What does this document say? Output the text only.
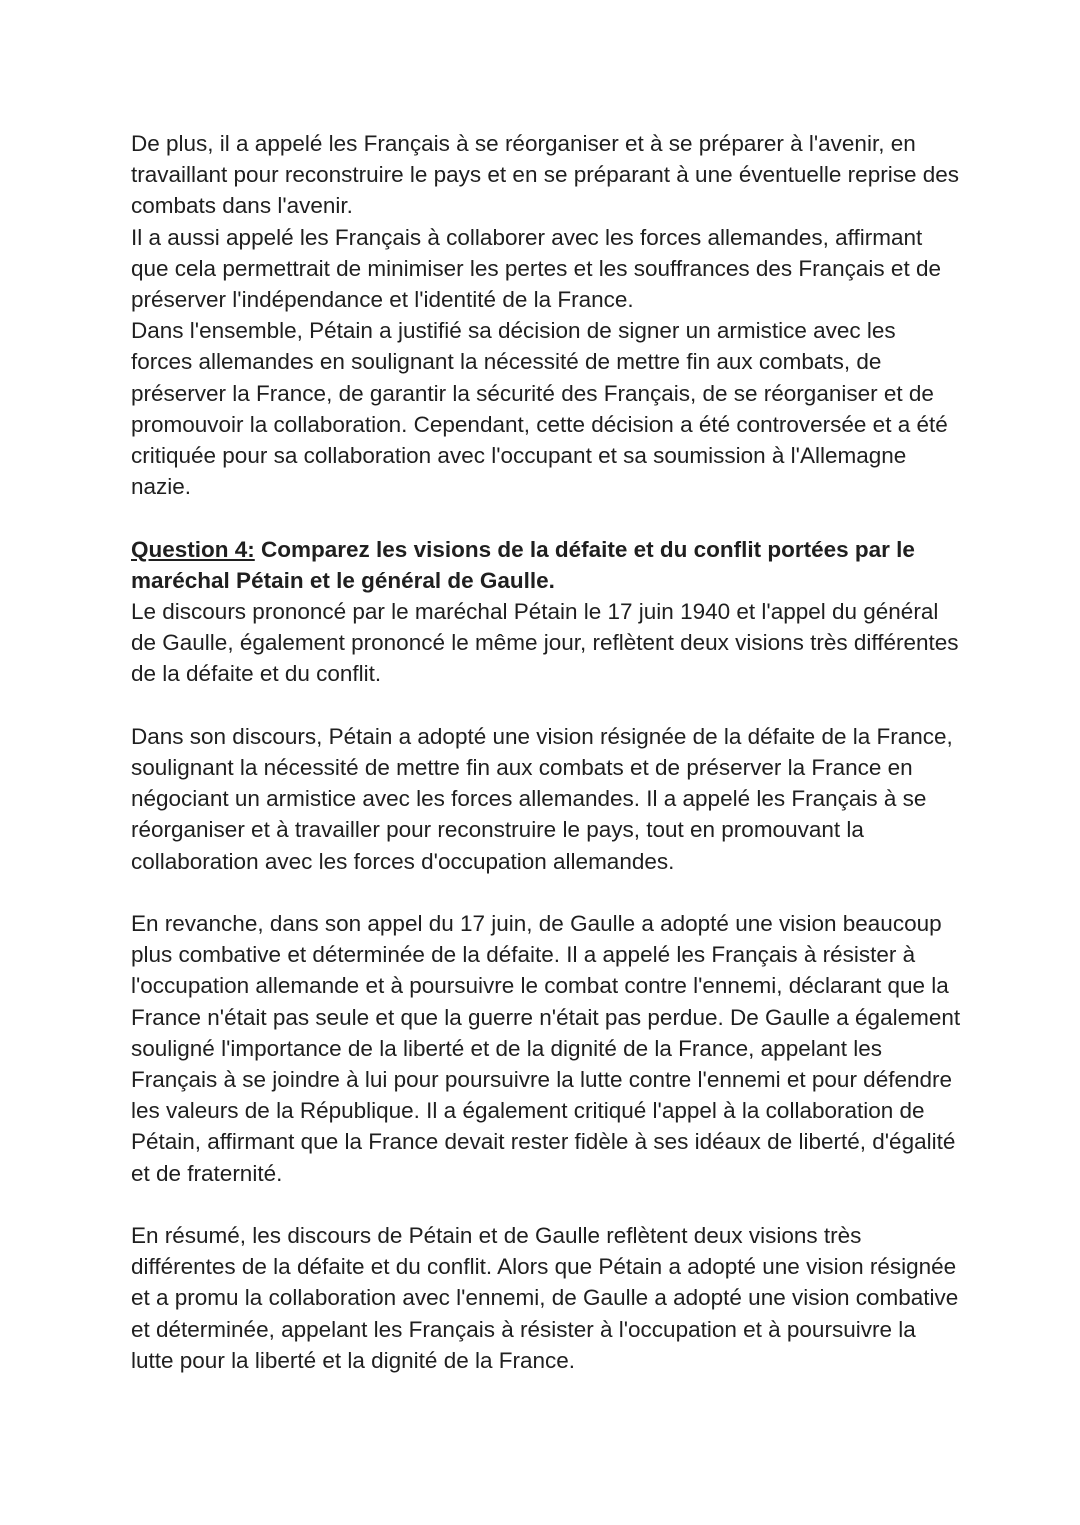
De plus, il a appelé les Français à se réorganiser et à se préparer à l'avenir, en travaillant pour reconstruire le pays et en se préparant à une éventuelle reprise des combats dans l'avenir.

Il a aussi appelé les Français à collaborer avec les forces allemandes, affirmant que cela permettrait de minimiser les pertes et les souffrances des Français et de préserver l'indépendance et l'identité de la France.

Dans l'ensemble, Pétain a justifié sa décision de signer un armistice avec les forces allemandes en soulignant la nécessité de mettre fin aux combats, de préserver la France, de garantir la sécurité des Français, de se réorganiser et de promouvoir la collaboration. Cependant, cette décision a été controversée et a été critiquée pour sa collaboration avec l'occupant et sa soumission à l'Allemagne nazie.

Question 4: Comparez les visions de la défaite et du conflit portées par le maréchal Pétain et le général de Gaulle.

Le discours prononcé par le maréchal Pétain le 17 juin 1940 et l'appel du général de Gaulle, également prononcé le même jour, reflètent deux visions très différentes de la défaite et du conflit.

Dans son discours, Pétain a adopté une vision résignée de la défaite de la France, soulignant la nécessité de mettre fin aux combats et de préserver la France en négociant un armistice avec les forces allemandes. Il a appelé les Français à se réorganiser et à travailler pour reconstruire le pays, tout en promouvant la collaboration avec les forces d'occupation allemandes.

En revanche, dans son appel du 17 juin, de Gaulle a adopté une vision beaucoup plus combative et déterminée de la défaite. Il a appelé les Français à résister à l'occupation allemande et à poursuivre le combat contre l'ennemi, déclarant que la France n'était pas seule et que la guerre n'était pas perdue. De Gaulle a également souligné l'importance de la liberté et de la dignité de la France, appelant les Français à se joindre à lui pour poursuivre la lutte contre l'ennemi et pour défendre les valeurs de la République. Il a également critiqué l'appel à la collaboration de Pétain, affirmant que la France devait rester fidèle à ses idéaux de liberté, d'égalité et de fraternité.

En résumé, les discours de Pétain et de Gaulle reflètent deux visions très différentes de la défaite et du conflit. Alors que Pétain a adopté une vision résignée et a promu la collaboration avec l'ennemi, de Gaulle a adopté une vision combative et déterminée, appelant les Français à résister à l'occupation et à poursuivre la lutte pour la liberté et la dignité de la France.
